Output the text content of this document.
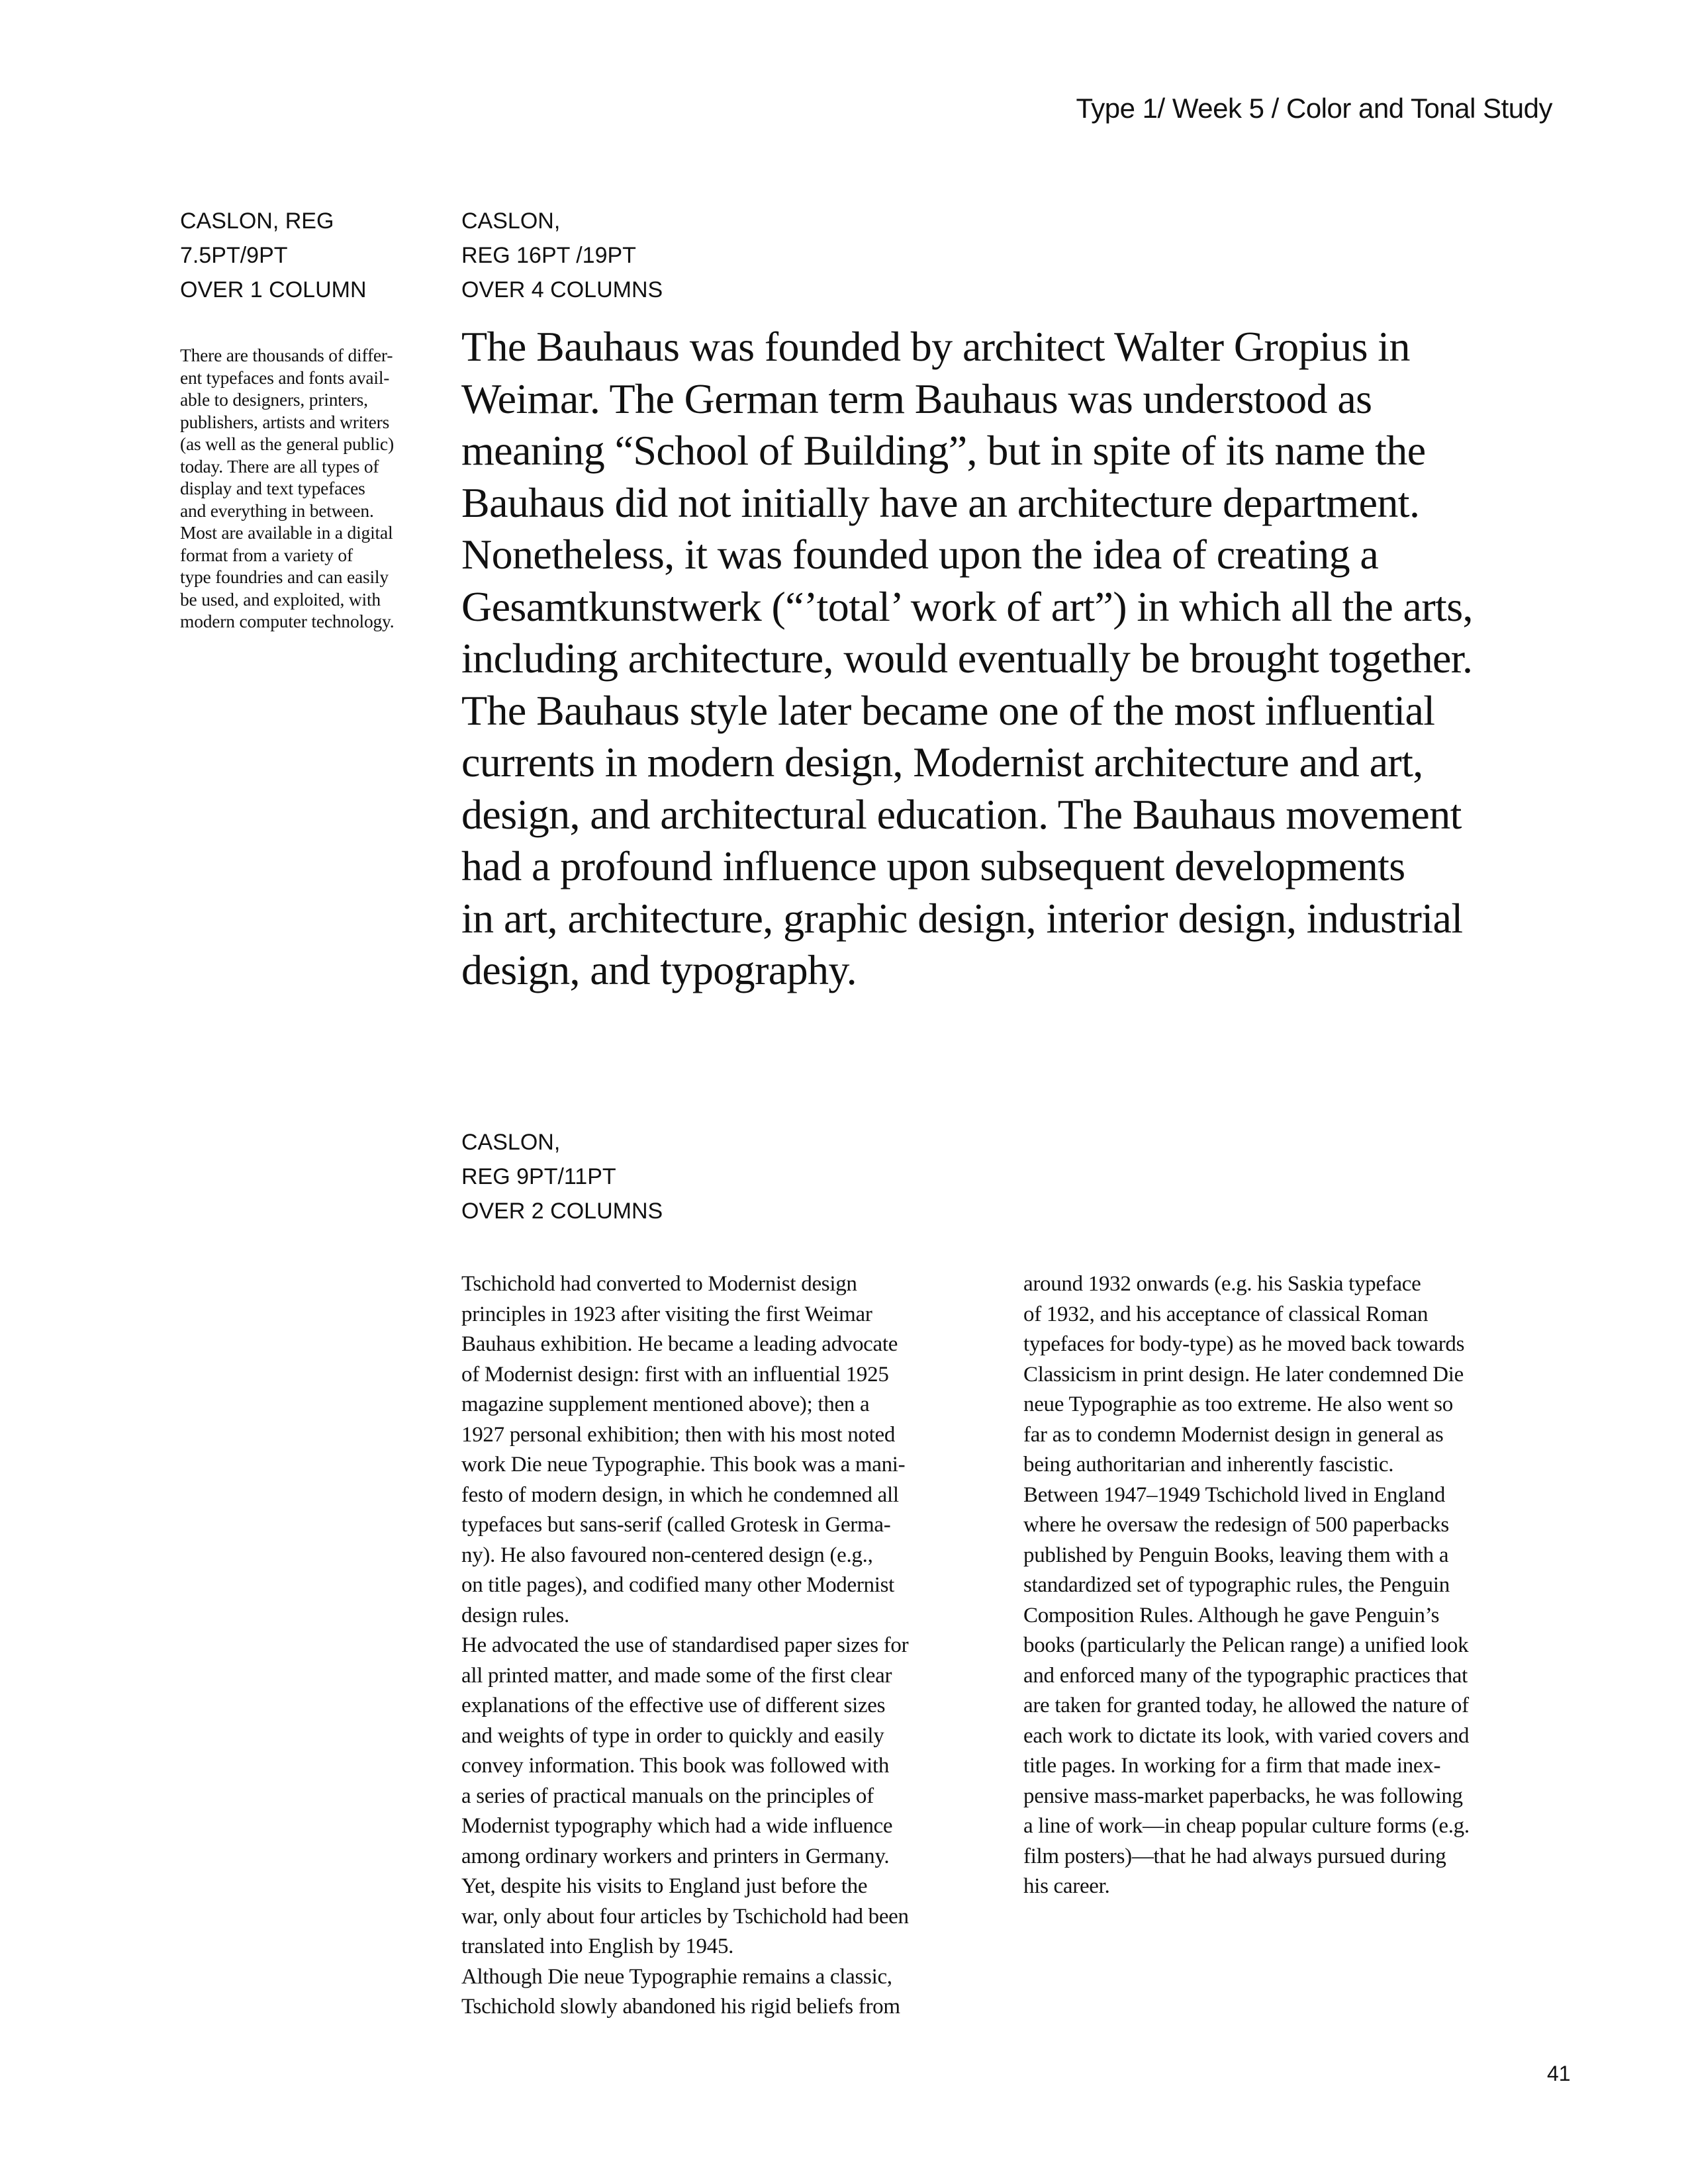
Type 1/ Week 5 / Color and Tonal Study
CASLON, REG
7.5PT/9PT
OVER 1 COLUMN
There are thousands of differ-
ent typefaces and fonts avail-
able to designers, printers,
publishers, artists and writers
(as well as the general public)
today. There are all types of
display and text typefaces
and everything in between.
Most are available in a digital
format from a variety of
type foundries and can easily
be used, and exploited, with
modern computer technology.
CASLON,
REG 16PT /19PT
OVER 4 COLUMNS
The Bauhaus was founded by architect Walter Gropius in
Weimar. The German term Bauhaus was understood as
meaning “School of Building”, but in spite of its name the
Bauhaus did not initially have an architecture department.
Nonetheless, it was founded upon the idea of creating a
Gesamtkunstwerk (“’total’ work of art”) in which all the arts,
including architecture, would eventually be brought together.
The Bauhaus style later became one of the most influential
currents in modern design, Modernist architecture and art,
design, and architectural education. The Bauhaus movement
had a profound influence upon subsequent developments
in art, architecture, graphic design, interior design, industrial
design, and typography.
CASLON,
REG 9PT/11PT
OVER 2 COLUMNS
Tschichold had converted to Modernist design
principles in 1923 after visiting the first Weimar
Bauhaus exhibition. He became a leading advocate
of Modernist design: first with an influential 1925
magazine supplement mentioned above); then a
1927 personal exhibition; then with his most noted
work Die neue Typographie. This book was a mani-
festo of modern design, in which he condemned all
typefaces but sans-serif (called Grotesk in Germa-
ny). He also favoured non-centered design (e.g.,
on title pages), and codified many other Modernist
design rules.
He advocated the use of standardised paper sizes for
all printed matter, and made some of the first clear
explanations of the effective use of different sizes
and weights of type in order to quickly and easily
convey information. This book was followed with
a series of practical manuals on the principles of
Modernist typography which had a wide influence
among ordinary workers and printers in Germany.
Yet, despite his visits to England just before the
war, only about four articles by Tschichold had been
translated into English by 1945.
Although Die neue Typographie remains a classic,
Tschichold slowly abandoned his rigid beliefs from
around 1932 onwards (e.g. his Saskia typeface
of 1932, and his acceptance of classical Roman
typefaces for body-type) as he moved back towards
Classicism in print design. He later condemned Die
neue Typographie as too extreme. He also went so
far as to condemn Modernist design in general as
being authoritarian and inherently fascistic.
Between 1947–1949 Tschichold lived in England
where he oversaw the redesign of 500 paperbacks
published by Penguin Books, leaving them with a
standardized set of typographic rules, the Penguin
Composition Rules. Although he gave Penguin’s
books (particularly the Pelican range) a unified look
and enforced many of the typographic practices that
are taken for granted today, he allowed the nature of
each work to dictate its look, with varied covers and
title pages. In working for a firm that made inex-
pensive mass-market paperbacks, he was following
a line of work—in cheap popular culture forms (e.g.
film posters)—that he had always pursued during
his career.
41
